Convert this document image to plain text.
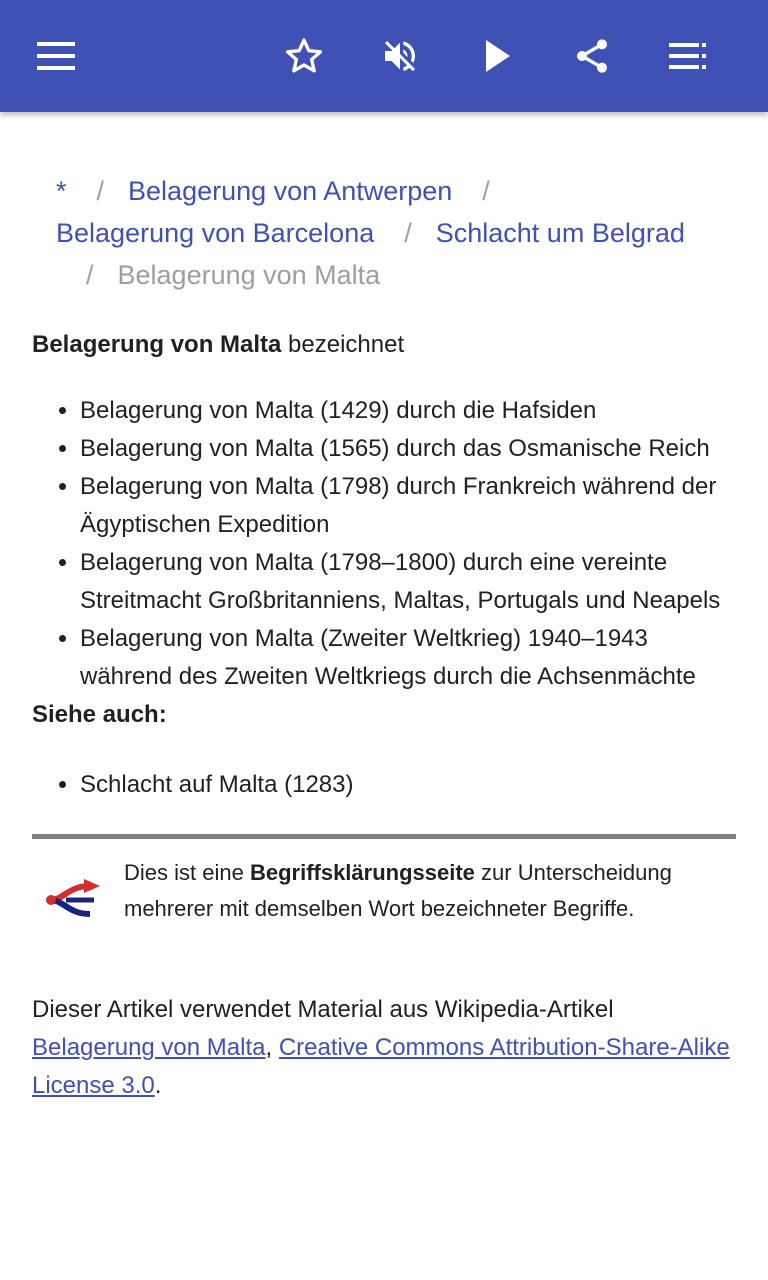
* / Belagerung von Antwerpen /
Belagerung von Barcelona / Schlacht um Belgrad
/ Belagerung von Malta
Belagerung von Malta bezeichnet
• Belagerung von Malta (1429) durch die Hafsiden
• Belagerung von Malta (1565) durch das Osmanische Reich
• Belagerung von Malta (1798) durch Frankreich während der Ägyptischen Expedition
• Belagerung von Malta (1798–1800) durch eine vereinte Streitmacht Großbritanniens, Maltas, Portugals und Neapels
• Belagerung von Malta (Zweiter Weltkrieg) 1940–1943 während des Zweiten Weltkriegs durch die Achsenmächte
Siehe auch:
• Schlacht auf Malta (1283)
Dies ist eine Begriffsklärungsseite zur Unterscheidung mehrerer mit demselben Wort bezeichneter Begriffe.
Dieser Artikel verwendet Material aus Wikipedia-Artikel Belagerung von Malta, Creative Commons Attribution-Share-Alike License 3.0.
